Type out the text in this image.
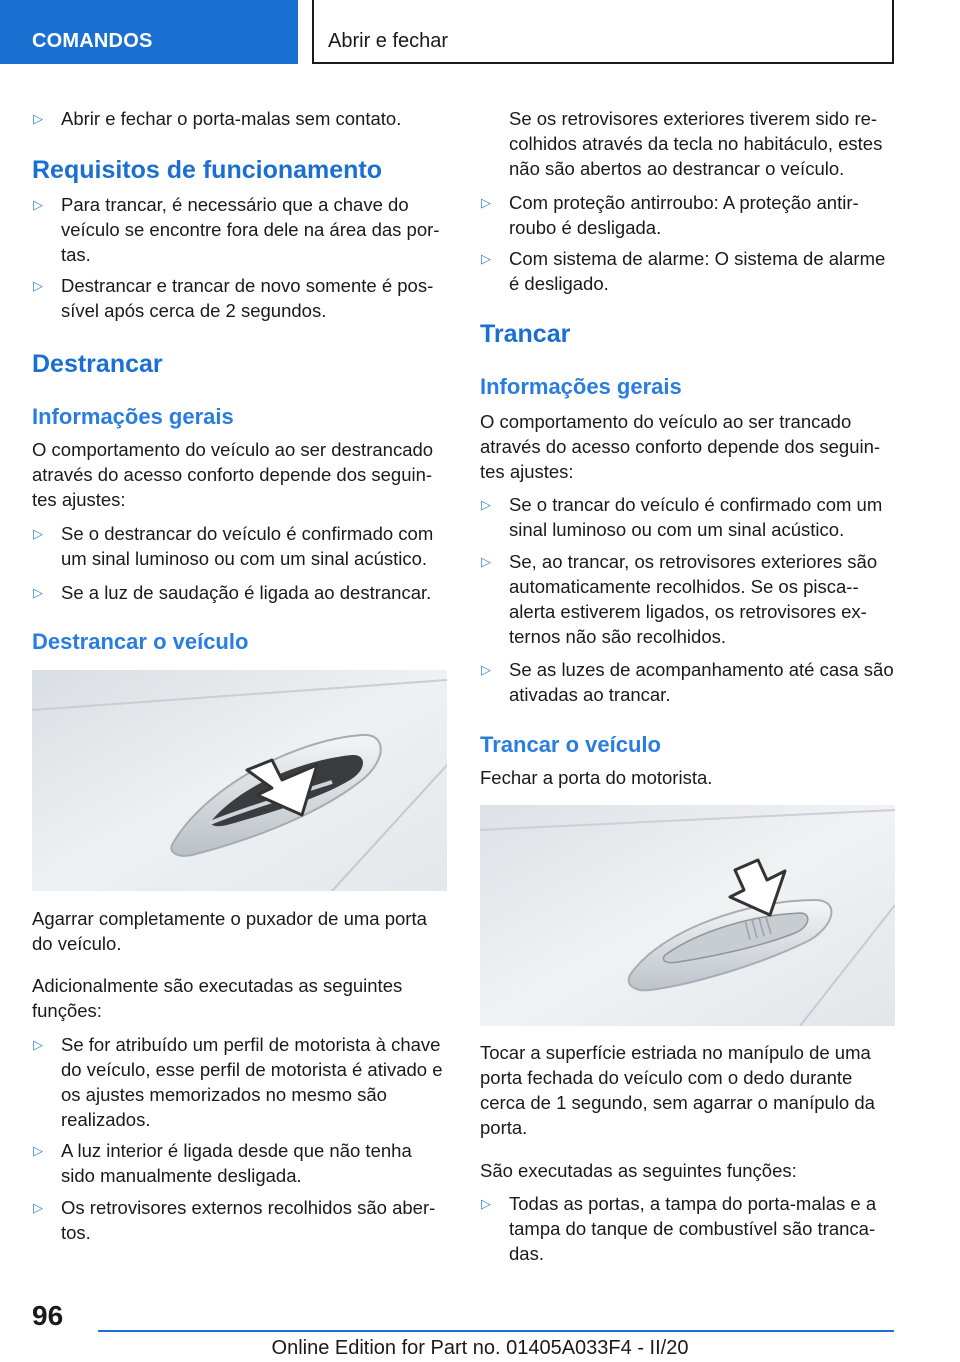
COMANDOS	Abrir e fechar
▷ Abrir e fechar o porta-malas sem contato.
Requisitos de funcionamento
▷ Para trancar, é necessário que a chave do veículo se encontre fora dele na área das por-tas.
▷ Destrancar e trancar de novo somente é pos-sível após cerca de 2 segundos.
Destrancar
Informações gerais
O comportamento do veículo ao ser destrancado através do acesso conforto depende dos seguin-tes ajustes:
▷ Se o destrancar do veículo é confirmado com um sinal luminoso ou com um sinal acústico.
▷ Se a luz de saudação é ligada ao destrancar.
Destrancar o veículo
Agarrar completamente o puxador de uma porta do veículo.
Adicionalmente são executadas as seguintes funções:
▷ Se for atribuído um perfil de motorista à chave do veículo, esse perfil de motorista é ativado e os ajustes memorizados no mesmo são realizados.
▷ A luz interior é ligada desde que não tenha sido manualmente desligada.
▷ Os retrovisores externos recolhidos são aber-tos.
Se os retrovisores exteriores tiverem sido re-colhidos através da tecla no habitáculo, estes não são abertos ao destrancar o veículo.
▷ Com proteção antirroubo: A proteção antir-roubo é desligada.
▷ Com sistema de alarme: O sistema de alarme é desligado.
Trancar
Informações gerais
O comportamento do veículo ao ser trancado através do acesso conforto depende dos seguin-tes ajustes:
▷ Se o trancar do veículo é confirmado com um sinal luminoso ou com um sinal acústico.
▷ Se, ao trancar, os retrovisores exteriores são automaticamente recolhidos. Se os pisca--alerta estiverem ligados, os retrovisores ex-ternos não são recolhidos.
▷ Se as luzes de acompanhamento até casa são ativadas ao trancar.
Trancar o veículo
Fechar a porta do motorista.
Tocar a superfície estriada no manípulo de uma porta fechada do veículo com o dedo durante cerca de 1 segundo, sem agarrar o manípulo da porta.
São executadas as seguintes funções:
▷ Todas as portas, a tampa do porta-malas e a tampa do tanque de combustível são tranca-das.
96
Online Edition for Part no. 01405A033F4 - II/20
